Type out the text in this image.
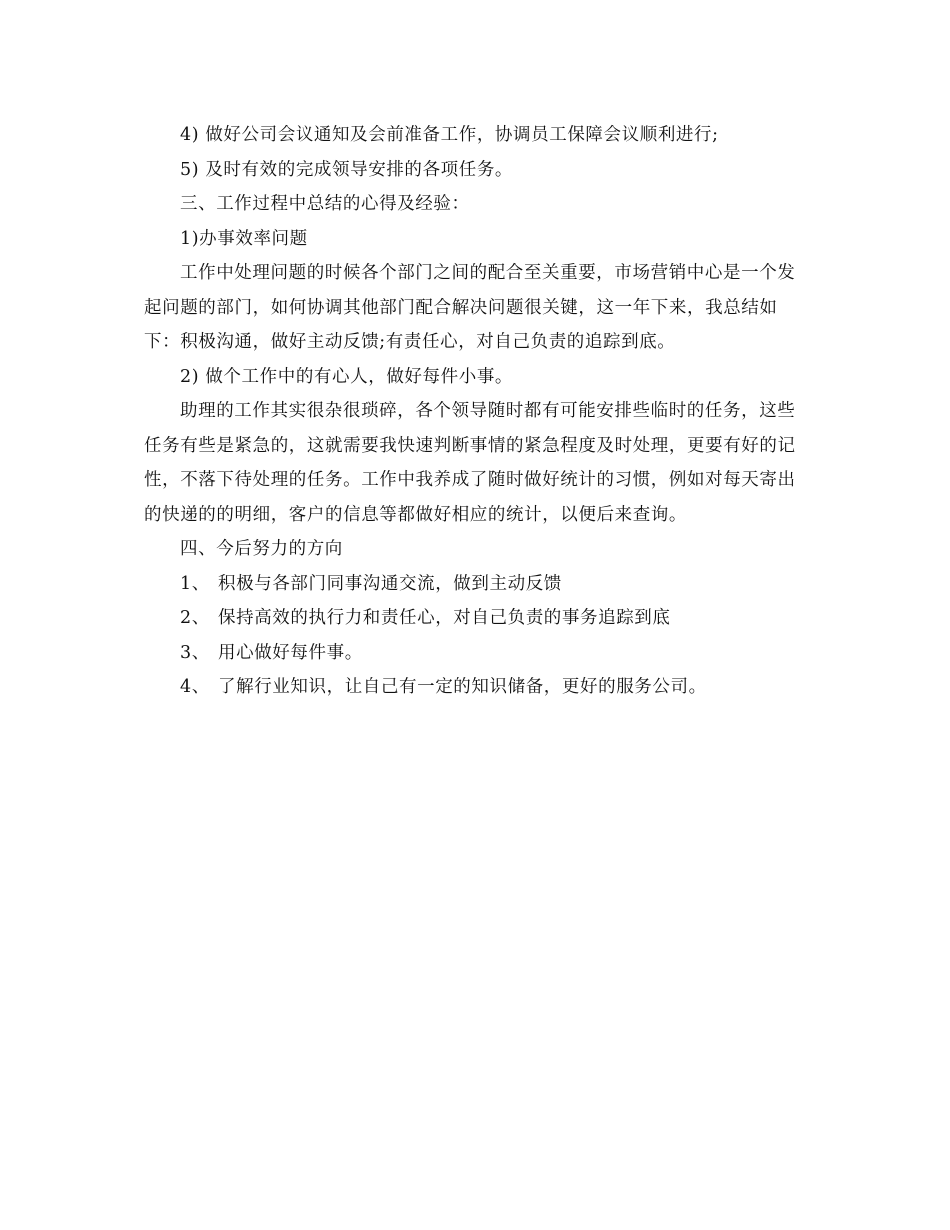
4) 做好公司会议通知及会前准备工作，协调员工保障会议顺利进行;

5) 及时有效的完成领导安排的各项任务。

三、工作过程中总结的心得及经验：

1)办事效率问题

工作中处理问题的时候各个部门之间的配合至关重要，市场营销中心是一个发起问题的部门，如何协调其他部门配合解决问题很关键，这一年下来，我总结如下：积极沟通，做好主动反馈;有责任心，对自己负责的追踪到底。

2) 做个工作中的有心人，做好每件小事。

助理的工作其实很杂很琐碎，各个领导随时都有可能安排些临时的任务，这些任务有些是紧急的，这就需要我快速判断事情的紧急程度及时处理，更要有好的记性，不落下待处理的任务。工作中我养成了随时做好统计的习惯，例如对每天寄出的快递的的明细，客户的信息等都做好相应的统计，以便后来查询。

四、今后努力的方向

1、 积极与各部门同事沟通交流，做到主动反馈
2、 保持高效的执行力和责任心，对自己负责的事务追踪到底
3、 用心做好每件事。
4、 了解行业知识，让自己有一定的知识储备，更好的服务公司。
